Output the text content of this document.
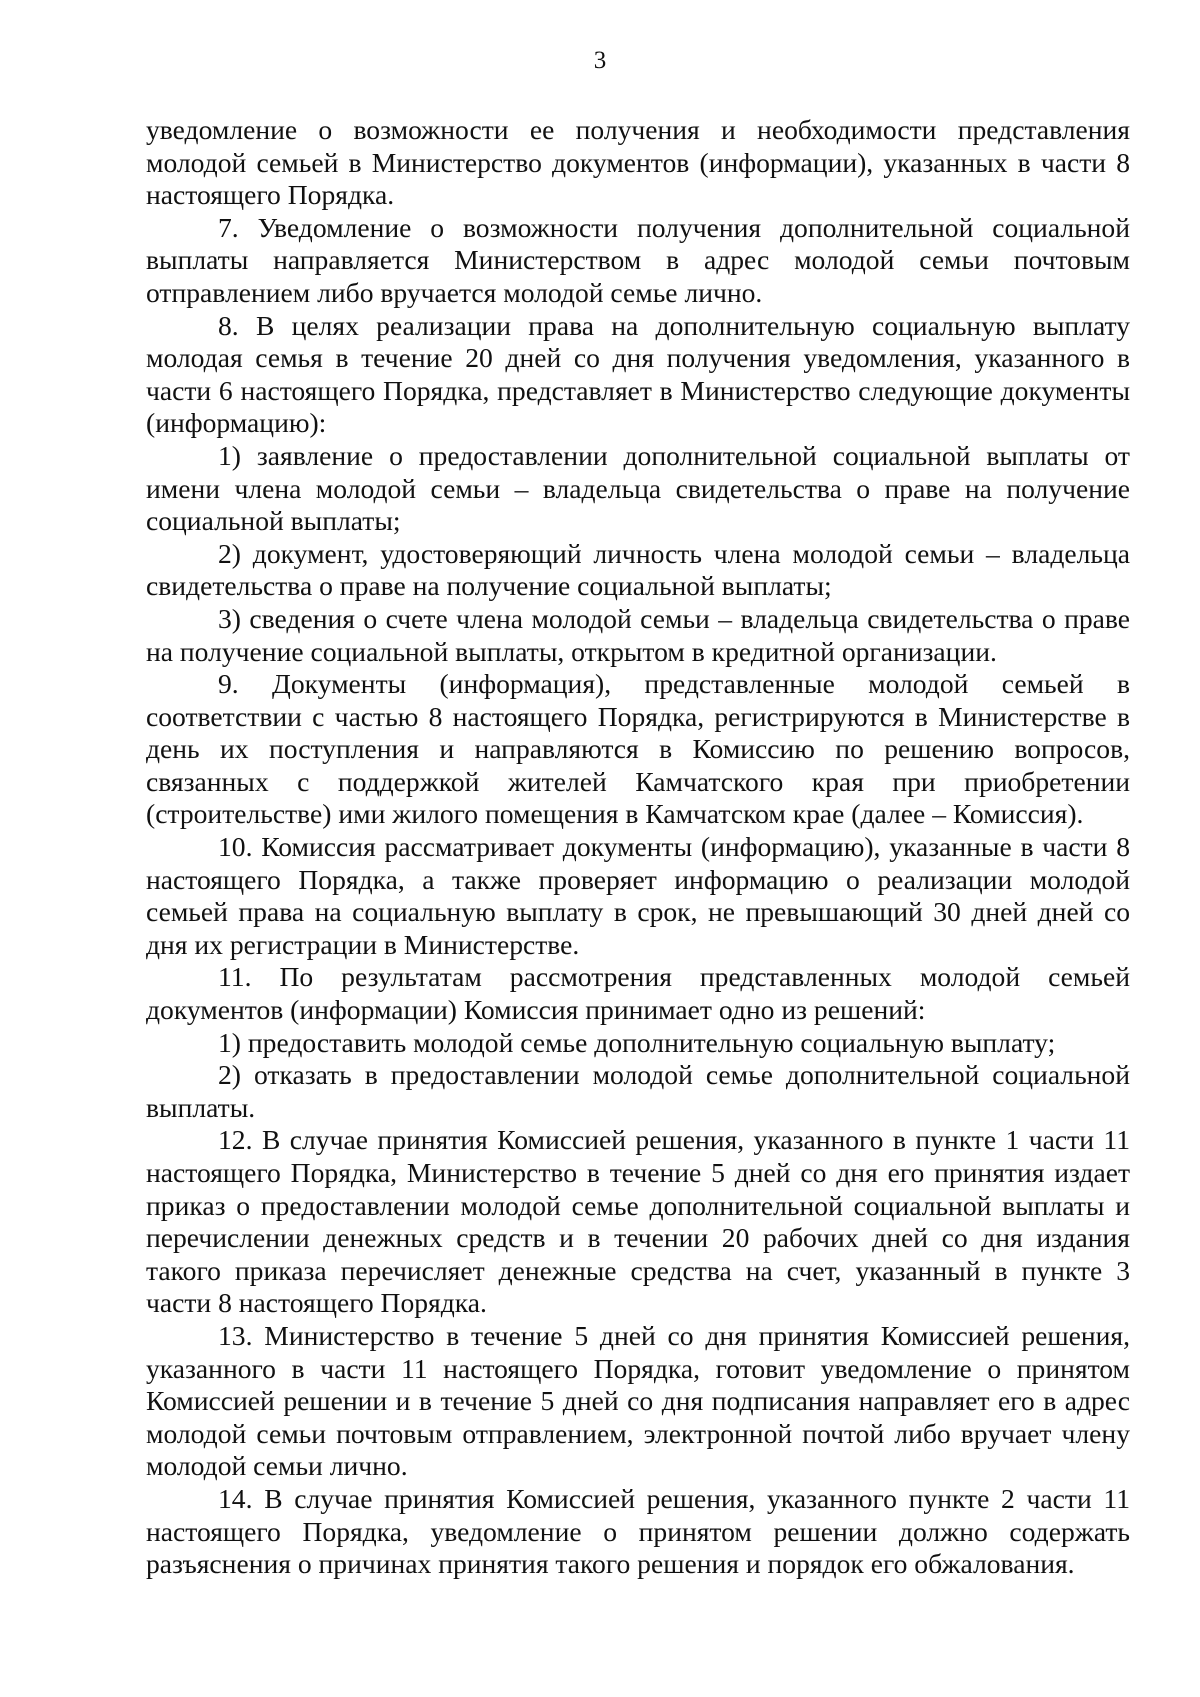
3

уведомление о возможности ее получения и необходимости представления молодой семьей в Министерство документов (информации), указанных в части 8 настоящего Порядка.

7. Уведомление о возможности получения дополнительной социальной выплаты направляется Министерством в адрес молодой семьи почтовым отправлением либо вручается молодой семье лично.

8. В целях реализации права на дополнительную социальную выплату молодая семья в течение 20 дней со дня получения уведомления, указанного в части 6 настоящего Порядка, представляет в Министерство следующие документы (информацию):

1) заявление о предоставлении дополнительной социальной выплаты от имени члена молодой семьи – владельца свидетельства о праве на получение социальной выплаты;

2) документ, удостоверяющий личность члена молодой семьи – владельца свидетельства о праве на получение социальной выплаты;

3) сведения о счете члена молодой семьи – владельца свидетельства о праве на получение социальной выплаты, открытом в кредитной организации.

9. Документы (информация), представленные молодой семьей в соответствии с частью 8 настоящего Порядка, регистрируются в Министерстве в день их поступления и направляются в Комиссию по решению вопросов, связанных с поддержкой жителей Камчатского края при приобретении (строительстве) ими жилого помещения в Камчатском крае (далее – Комиссия).

10. Комиссия рассматривает документы (информацию), указанные в части 8 настоящего Порядка, а также проверяет информацию о реализации молодой семьей права на социальную выплату в срок, не превышающий 30 дней дней со дня их регистрации в Министерстве.

11. По результатам рассмотрения представленных молодой семьей документов (информации) Комиссия принимает одно из решений:

1) предоставить молодой семье дополнительную социальную выплату;

2) отказать в предоставлении молодой семье дополнительной социальной выплаты.

12. В случае принятия Комиссией решения, указанного в пункте 1 части 11 настоящего Порядка, Министерство в течение 5 дней со дня его принятия издает приказ о предоставлении молодой семье дополнительной социальной выплаты и перечислении денежных средств и в течении 20 рабочих дней со дня издания такого приказа перечисляет денежные средства на счет, указанный в пункте 3 части 8 настоящего Порядка.

13. Министерство в течение 5 дней со дня принятия Комиссией решения, указанного в части 11 настоящего Порядка, готовит уведомление о принятом Комиссией решении и в течение 5 дней со дня подписания направляет его в адрес молодой семьи почтовым отправлением, электронной почтой либо вручает члену молодой семьи лично.

14. В случае принятия Комиссией решения, указанного пункте 2 части 11 настоящего Порядка, уведомление о принятом решении должно содержать разъяснения о причинах принятия такого решения и порядок его обжалования.
